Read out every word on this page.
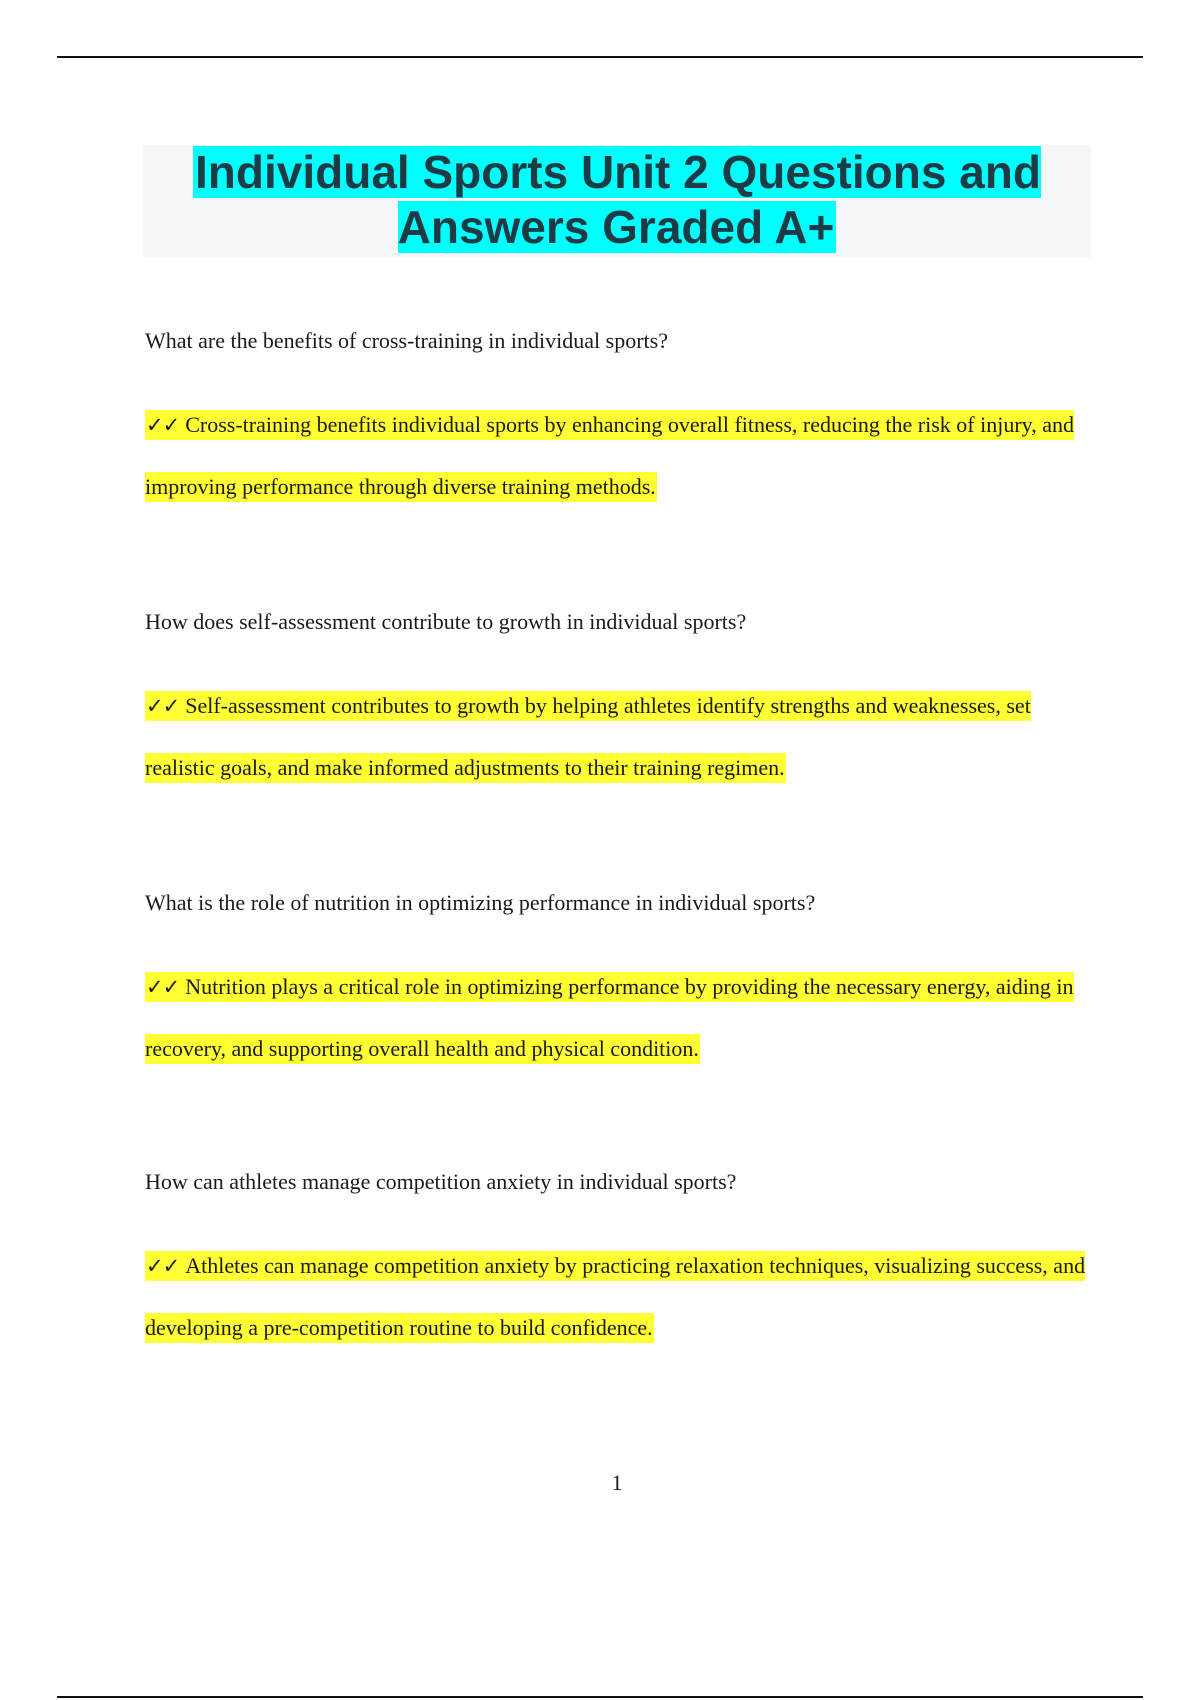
Individual Sports Unit 2 Questions and Answers Graded A+

What are the benefits of cross-training in individual sports?

✓✓ Cross-training benefits individual sports by enhancing overall fitness, reducing the risk of injury, and improving performance through diverse training methods.

How does self-assessment contribute to growth in individual sports?

✓✓ Self-assessment contributes to growth by helping athletes identify strengths and weaknesses, set realistic goals, and make informed adjustments to their training regimen.

What is the role of nutrition in optimizing performance in individual sports?

✓✓ Nutrition plays a critical role in optimizing performance by providing the necessary energy, aiding in recovery, and supporting overall health and physical condition.

How can athletes manage competition anxiety in individual sports?

✓✓ Athletes can manage competition anxiety by practicing relaxation techniques, visualizing success, and developing a pre-competition routine to build confidence.

1
